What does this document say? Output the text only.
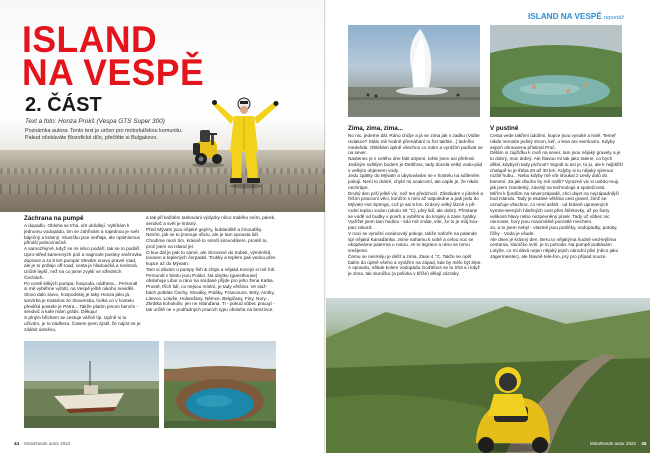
ISLAND
NA VESPĚ
2. ČÁST
Text a foto: Honza Prokš (Vespa GTS Super 300)
Poznámka autora: Tento text je určen pro motorkářskou komunitu. Pakud očekáváte filozofické dílo, přečtěte si Bulgakovo.
Záchrana na pumpě
A dopadlo. Obloha se trhá, vítr ukňdlejí. Vybíhám k jednomu vodopádu, tim se zahřívám a najednou je svět báječný a krásný. Sluníčko jsce vetřtaje, ale optimismus přináší jednoznačně.
A samozřejmě, když se mi něco podaří, tak se to podaří. Upro-střed kamenných polí a nagroule pustiny směrovka doprave a za 8 km pumpa! Slevám snovu pravel road, ale je to prdlajo off-road, cesta je hladoučká a nedmná. Určitě lepší, než na co jsme zvyklí ve středních Čechách.
Po cestě kilkých pumpa, hospoda, nádhera... Personál si mě vyběhne vyfotit, na Vespě ještě nikoho neviděli. Slovo dalo slovo, hospodskej je taky Honza jako já, servírka je Katarína ze Slovenska, holka co v hostelu převlíká postele je Petra... Takže platím jenom benzín - sendvič a kafe mám grátis. Děkuju!
S plným břichem se cestuje vážně líp. Upíně si to užívám, je to nádhera. Časem jsem zjistil, že najíst se je zdálsit úsměvu,
a tak při každém tankování výdycky něco malého sním, párek, sendvič a svět je krásný.
Před Mývatn jsou nějaké gejzíry, bublaniště a čmoudíky. Nevím, jak se to jmenuje oficiu, ale je tam opousta lidí. Chodíme mezi tím, krásně to smrdí sirovodíkem, prostě to, proč jsem na Island jel.
O kus dál je pak to samé, ale zkrocené do trubek, výměníků, tovaren a teplených čerpadel. Trubky a teplem pak vedou přes kopce až do Mývatn.
Tam si dávám u pumpy fish & chips a nějaká Korejci si mě fotí. Personál v bistru jsou Poláci. Na ubytku (guesthouse) obsluhuje Libor a ráno na snídané přijde pro jeho žena Katka.
Prostě, třích lidí, co nejsou místní, je tady většina. Ve služ-bách potkáte Čechy, Slováky, Poláky, Francouze, Brity, Amíky, Litevce, Lotyše, Holanďany, Němce, Belgičany, Finy, Nory... Zkrátka kohokoliv, jen ne Islanďana. Ti - pokud vůbec pracují - tak určitě ne v podřadných pracích typu obsluha na benzínce.
44 MotoRande autor 2022
ISLAND NA VESPĚ reportáž
Zima, zima, zima...
No nic, jedeme dál. Ráno chčije a já se zima jak v zadku (Vidíte redakce? Stálo mě hodně přemáhání to říct takhle...) ledního medvěda. Oblékám úplně všechno co mám a vyrážím podívat se na sever.
Nastenec je z celého dne fakt utrpení, tohle jsem asi přehnal. Jediným světlým bodem je Dettifoss, tady docela velký vodo-pád s velkým objemem vody.
Jedu zpátky do Mývatn a ubytovávám se v hostelu na sdíleném pokoji. Není to dobré, chybí mi soukromí, ale caple je, že nikdo nechrápe.
Druhý den prší ještě víc, než ten předchozí. Zůstávám v jídelně a řeším pracovní věci, končím s nimi až odpoledne a pak jedu do Mývatn Hot Springs, což je asi 5 km. Krásný velký lázně s při-rodní teplou vodou (okolo 40 °C), plný lidí, ale dobrý. Přestane se vodě od budky v povrh a vyběhnu do krajiny a zase zpátky.
Vydržel jsem tam hodinu - kdo mě znáte, víte, že to je můj kou-paci rekord.
V noci se vymění oceánovitý pokoje, takže naforře na palande spí nějaká Kanaďanka. Jsme nahamu k sobě a celou noc se okopáváme paterma u notou. Je to legrace a ráno se tomu smějeme.
Čemu se nesměju je déšť a zima. Zase 4 °C. Takže se opět balím do úplně všeho a vyrážím na západ, kde by mělo být lépe.
A opravdu, někde kolem vodopádu Goďafoss se to trhá a i když je zima, tak sluníčko (a polívka v bříše) dělají zázraky.
V pustině
Cesta vede takřimi údolími, kopce jsou vysoké a holé. Temeř nikde nerostie jediný strom, keř, o lese ani nemluvím. Kdyby aspoň ohraovena přistinal Proč.
Dělám si zajížďku k moři na sever, tam jsou nějaký gravely a je to dobrý, moc dobrý. Ale hlavou mi tak jako tatime, co bych dělal, kdybych tady píchnul? Signál tu asi je, to ju, ale k nejbližší chalupě to je třeba 20 až 30 km. Kdyby si tu nějaký vjimnuo rozbil hubu... Nebo kdyby mě vítr sfoukal z cesty dolů do kamení. Za jak dlouho by mě našli? Vyrazné vic si uvědo-muji, jak jsem zranitelný, závislý na technologii a společnosti.
Mířím k fjordům na severozápadě, chci dojet na nejzápadnější bod Islandu. Tady je ekativé většina cest gravel, čimž se označuje všechno, co není asfalt - od krásně upravených vymne-teených hliněných cest přes štěrkovky, až po šutry velikosti hlavy nebo nezpevněný písek. Tady už vůbec nic nenroste, hory jsou maximálně porostlé mechem.
Jo, a to jsem nebyl - vlastně jsou potůčky, vodopádky, potoky, říčky - Voda je všude.
Ale dnes je krásný den. Beru to nějakýma hodně ved-lejšíma cestama, sluníčko svítí, je to pohoda. Na pumpě potkávám Lotyše, co mi dává nejen nějaký jejich národní plivi (něco jako Jägermeister), ale hlavně tele-fon, prý pro případ nouze.
MotoRande autor 2022 45
